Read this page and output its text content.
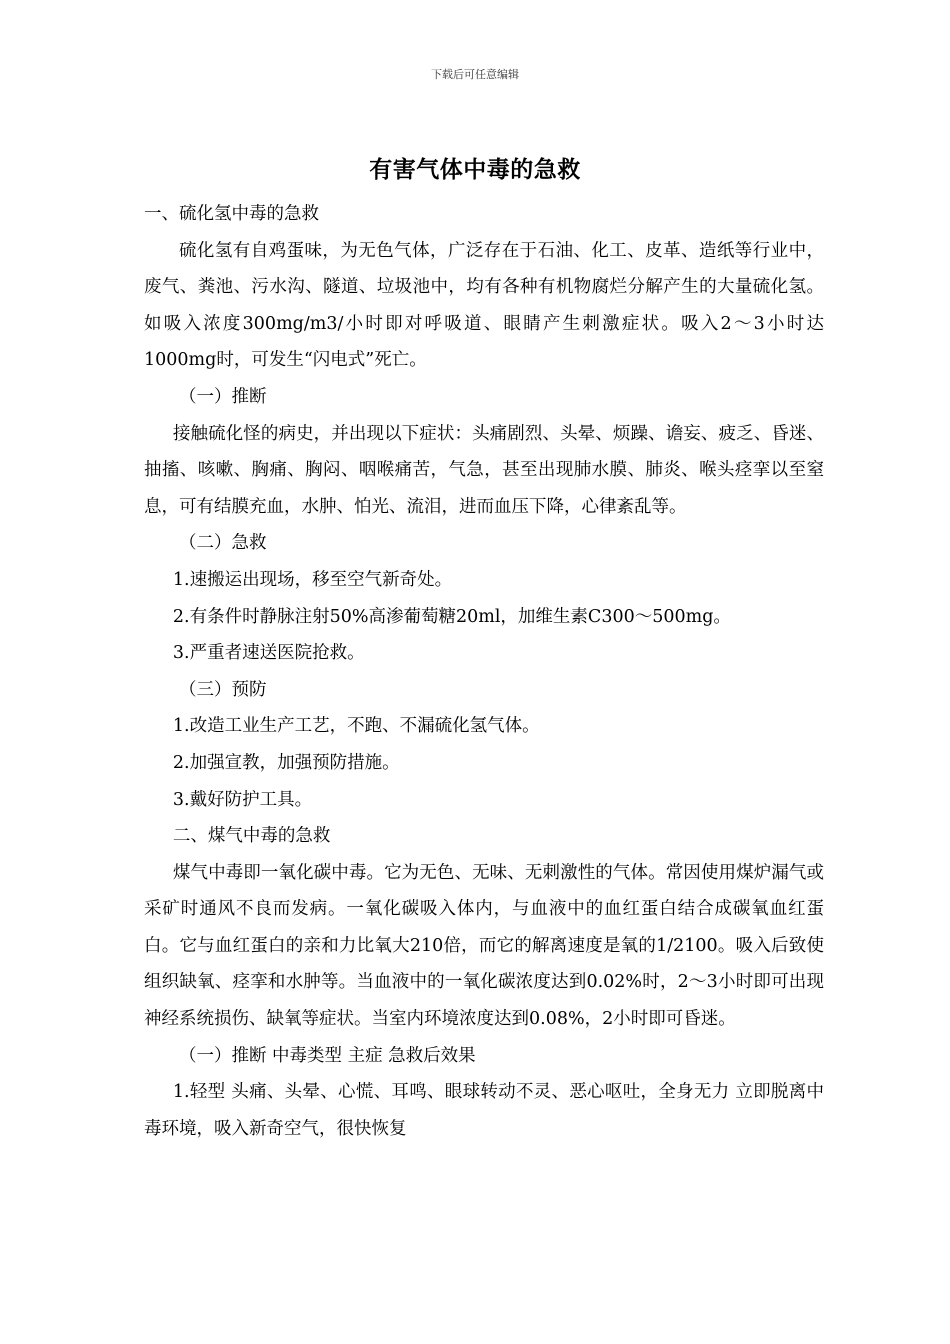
下载后可任意编辑
有害气体中毒的急救

一、硫化氢中毒的急救

硫化氢有自鸡蛋味，为无色气体，广泛存在于石油、化工、皮革、造纸等行业中，废气、粪池、污水沟、隧道、垃圾池中，均有各种有机物腐烂分解产生的大量硫化氢。如吸入浓度300mg/m3/小时即对呼吸道、眼睛产生刺激症状。吸入2～3小时达1000mg时，可发生“闪电式”死亡。

（一）推断

接触硫化怪的病史，并出现以下症状：头痛剧烈、头晕、烦躁、谵妄、疲乏、昏迷、抽搐、咳嗽、胸痛、胸闷、咽喉痛苦，气急，甚至出现肺水膜、肺炎、喉头痉挛以至窒息，可有结膜充血，水肿、怕光、流泪，进而血压下降，心律紊乱等。

（二）急救

1.速搬运出现场，移至空气新奇处。

2.有条件时静脉注射50%高渗葡萄糖20ml，加维生素C300～500mg。

3.严重者速送医院抢救。

（三）预防

1.改造工业生产工艺，不跑、不漏硫化氢气体。

2.加强宣教，加强预防措施。

3.戴好防护工具。

二、煤气中毒的急救

煤气中毒即一氧化碳中毒。它为无色、无味、无刺激性的气体。常因使用煤炉漏气或采矿时通风不良而发病。一氧化碳吸入体内，与血液中的血红蛋白结合成碳氧血红蛋白。它与血红蛋白的亲和力比氧大210倍，而它的解离速度是氧的1/2100。吸入后致使组织缺氧、痉挛和水肿等。当血液中的一氧化碳浓度达到0.02%时，2～3小时即可出现神经系统损伤、缺氧等症状。当室内环境浓度达到0.08%，2小时即可昏迷。

（一）推断 中毒类型 主症 急救后效果

1.轻型 头痛、头晕、心慌、耳鸣、眼球转动不灵、恶心呕吐，全身无力 立即脱离中毒环境，吸入新奇空气，很快恢复
